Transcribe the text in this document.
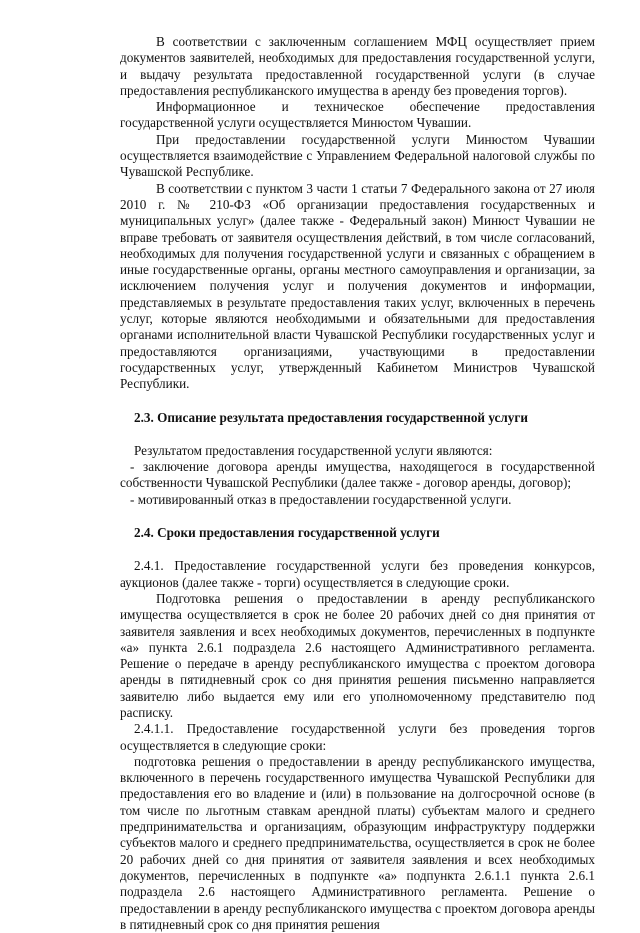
В соответствии с заключенным соглашением МФЦ осуществляет прием документов заявителей, необходимых для предоставления государственной услуги, и выдачу результата предоставленной государственной услуги (в случае предоставления республиканского имущества в аренду без проведения торгов).

Информационное и техническое обеспечение предоставления государственной услуги осуществляется Минюстом Чувашии.

При предоставлении государственной услуги Минюстом Чувашии осуществляется взаимодействие с Управлением Федеральной налоговой службы по Чувашской Республике.

В соответствии с пунктом 3 части 1 статьи 7 Федерального закона от 27 июля 2010 г. № 210-ФЗ «Об организации предоставления государственных и муниципальных услуг» (далее также - Федеральный закон) Минюст Чувашии не вправе требовать от заявителя осуществления действий, в том числе согласований, необходимых для получения государственной услуги и связанных с обращением в иные государственные органы, органы местного самоуправления и организации, за исключением получения услуг и получения документов и информации, представляемых в результате предоставления таких услуг, включенных в перечень услуг, которые являются необходимыми и обязательными для предоставления органами исполнительной власти Чувашской Республики государственных услуг и предоставляются организациями, участвующими в предоставлении государственных услуг, утвержденный Кабинетом Министров Чувашской Республики.

2.3. Описание результата предоставления государственной услуги

Результатом предоставления государственной услуги являются:

- заключение договора аренды имущества, находящегося в государственной собственности Чувашской Республики (далее также - договор аренды, договор);

- мотивированный отказ в предоставлении государственной услуги.

2.4. Сроки предоставления государственной услуги

2.4.1. Предоставление государственной услуги без проведения конкурсов, аукционов (далее также - торги) осуществляется в следующие сроки.

Подготовка решения о предоставлении в аренду республиканского имущества осуществляется в срок не более 20 рабочих дней со дня принятия от заявителя заявления и всех необходимых документов, перечисленных в подпункте «а» пункта 2.6.1 подраздела 2.6 настоящего Административного регламента. Решение о передаче в аренду республиканского имущества с проектом договора аренды в пятидневный срок со дня принятия решения письменно направляется заявителю либо выдается ему или его уполномоченному представителю под расписку.

2.4.1.1. Предоставление государственной услуги без проведения торгов осуществляется в следующие сроки:

подготовка решения о предоставлении в аренду республиканского имущества, включенного в перечень государственного имущества Чувашской Республики для предоставления его во владение и (или) в пользование на долгосрочной основе (в том числе по льготным ставкам арендной платы) субъектам малого и среднего предпринимательства и организациям, образующим инфраструктуру поддержки субъектов малого и среднего предпринимательства, осуществляется в срок не более 20 рабочих дней со дня принятия от заявителя заявления и всех необходимых документов, перечисленных в подпункте «а» подпункта 2.6.1.1 пункта 2.6.1 подраздела 2.6 настоящего Административного регламента. Решение о предоставлении в аренду республиканского имущества с проектом договора аренды в пятидневный срок со дня принятия решения
